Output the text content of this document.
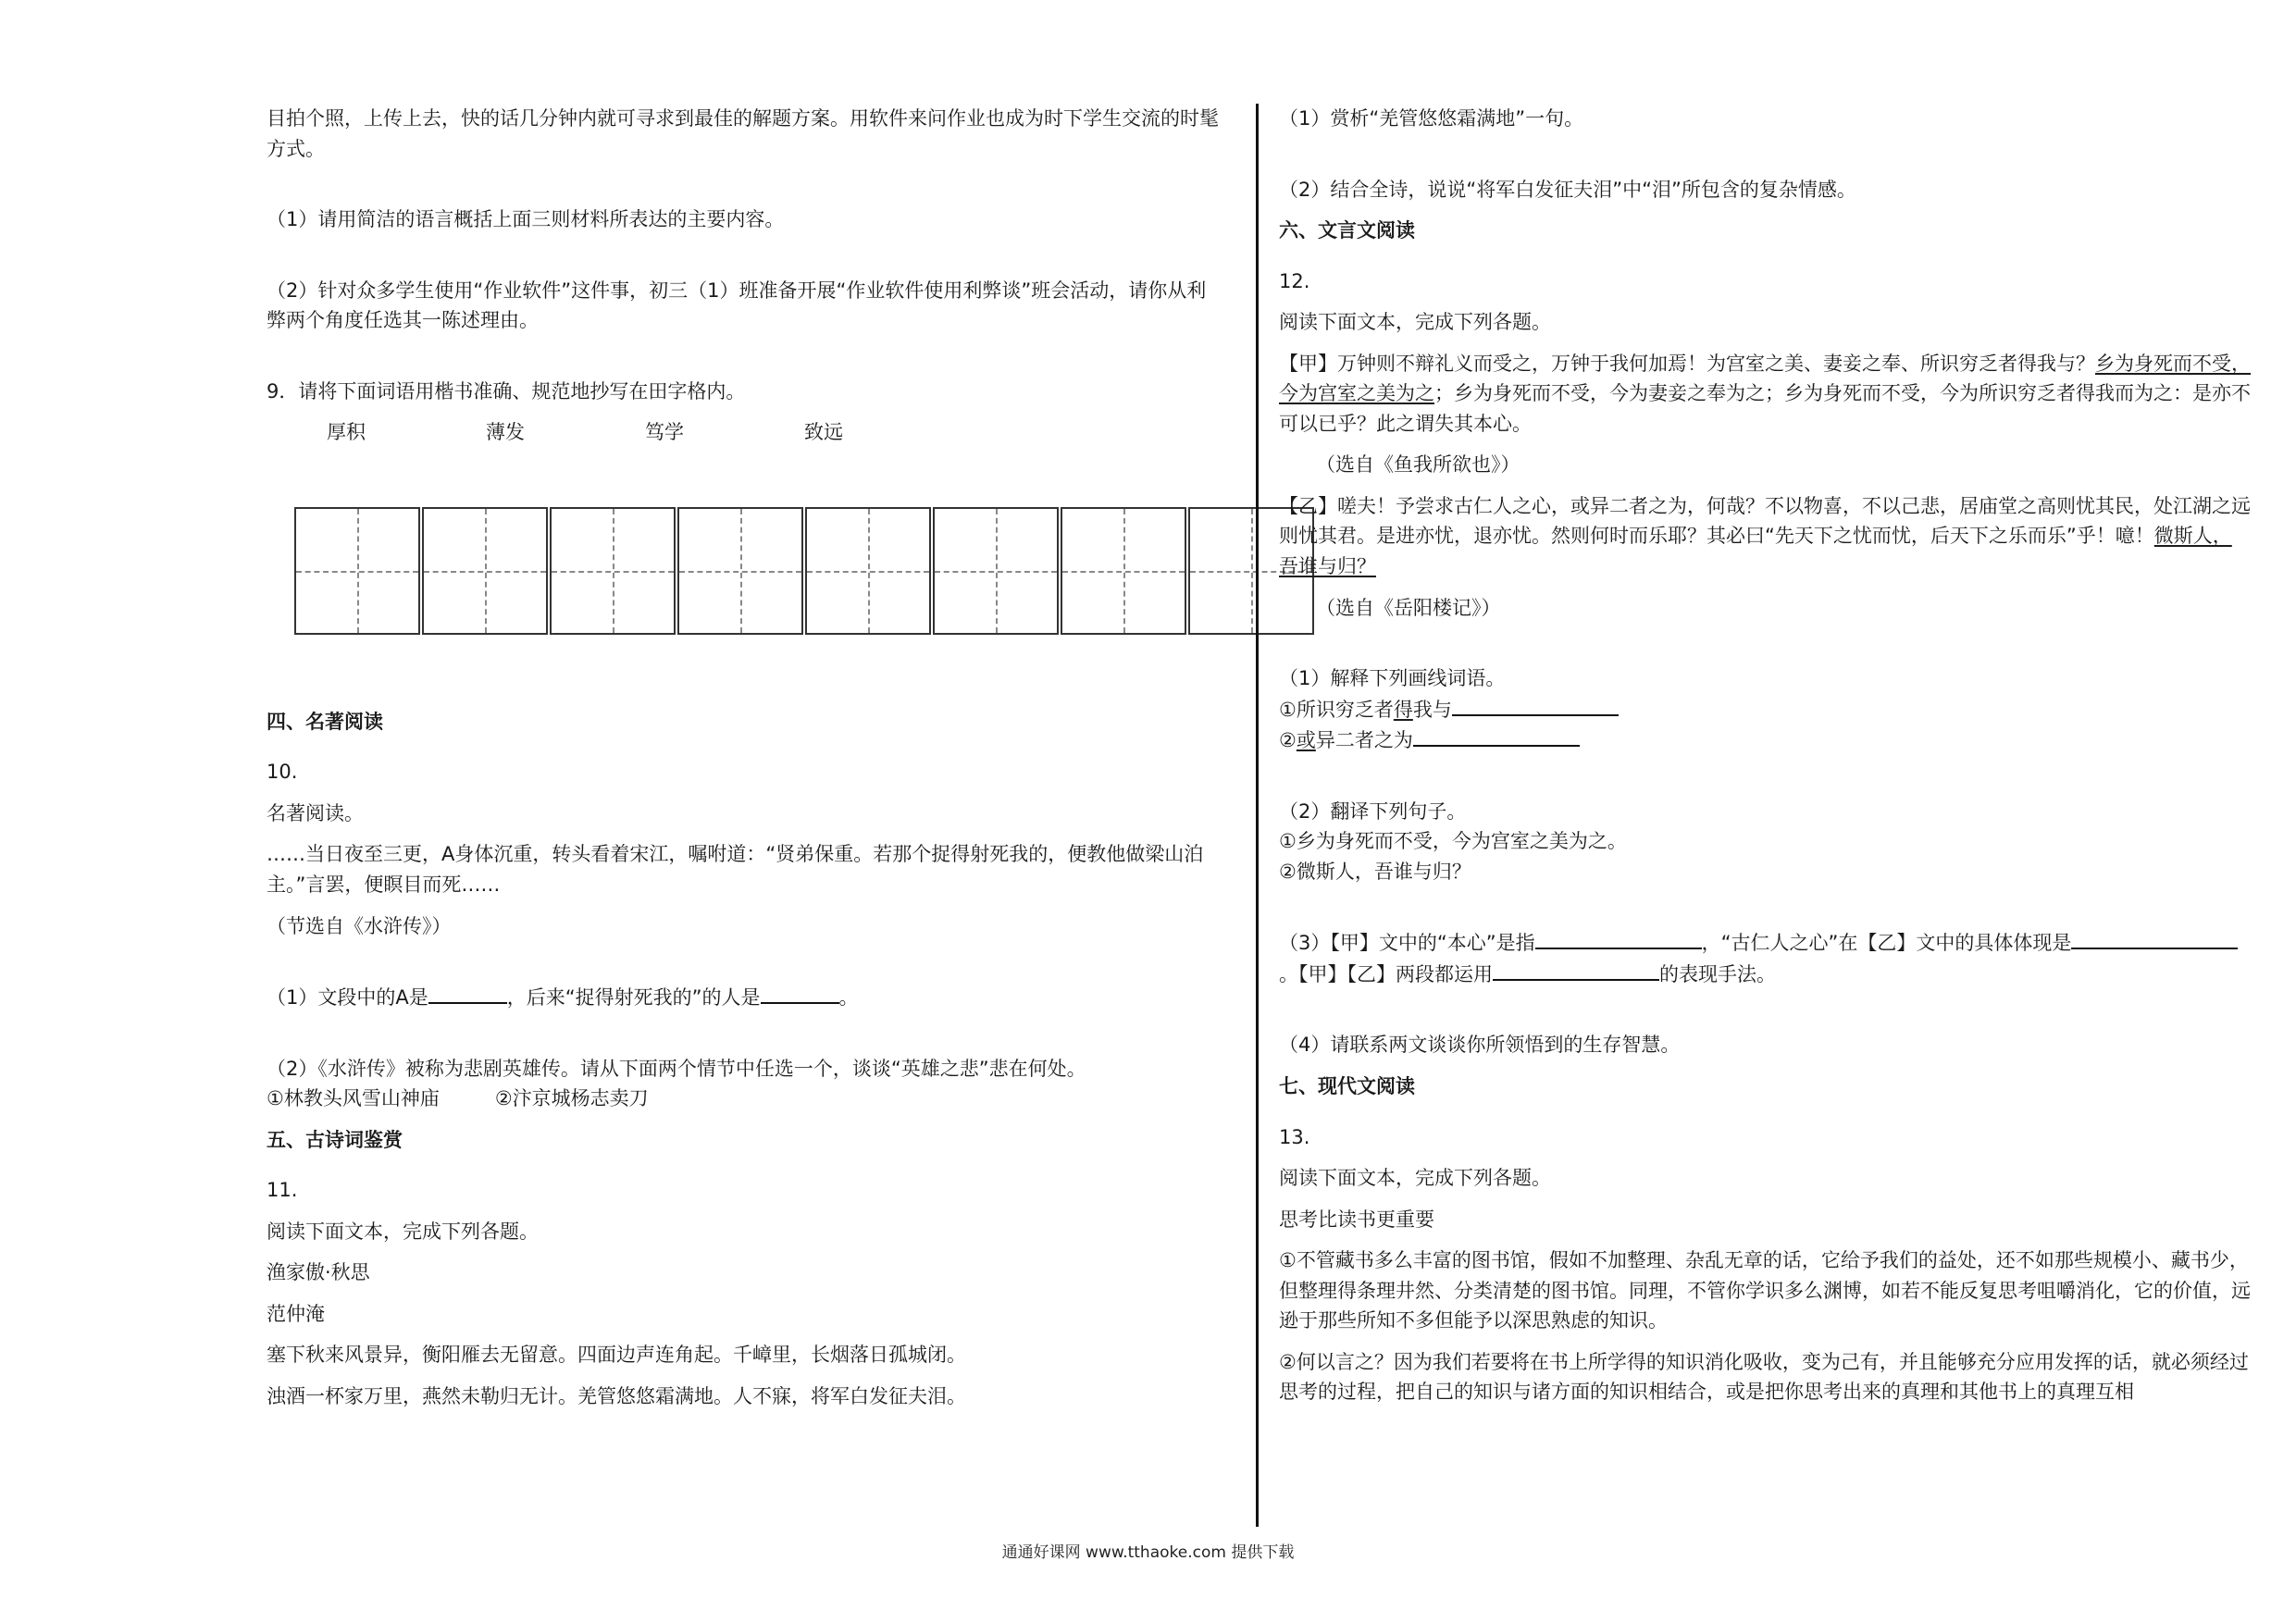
目拍个照，上传上去，快的话几分钟内就可寻求到最佳的解题方案。用软件来问作业也成为时下学生交流的时髦方式。

（1）请用简洁的语言概括上面三则材料所表达的主要内容。

（2）针对众多学生使用“作业软件”这件事，初三（1）班准备开展“作业软件使用利弊谈”班会活动，请你从利弊两个角度任选其一陈述理由。

9．请将下面词语用楷书准确、规范地抄写在田字格内。

厚积	薄发	笃学	致远

四、名著阅读

10.

名著阅读。

……当日夜至三更，A身体沉重，转头看着宋江，嘱咐道：“贤弟保重。若那个捉得射死我的，便教他做梁山泊主。”言罢，便瞑目而死……

（节选自《水浒传》）

（1）文段中的A是	，后来“捉得射死我的”的人是	。

（2）《水浒传》被称为悲剧英雄传。请从下面两个情节中任选一个，谈谈“英雄之悲”悲在何处。

①林教头风雪山神庙	②汴京城杨志卖刀

五、古诗词鉴赏

11.

阅读下面文本，完成下列各题。

渔家傲·秋思

范仲淹

塞下秋来风景异，衡阳雁去无留意。四面边声连角起。千嶂里，长烟落日孤城闭。

浊酒一杯家万里，燕然未勒归无计。羌管悠悠霜满地。人不寐，将军白发征夫泪。

（1）赏析“羌管悠悠霜满地”一句。

（2）结合全诗，说说“将军白发征夫泪”中“泪”所包含的复杂情感。

六、文言文阅读

12.

阅读下面文本，完成下列各题。

【甲】万钟则不辩礼义而受之，万钟于我何加焉！为宫室之美、妻妾之奉、所识穷乏者得我与？乡为身死而不受，今为宫室之美为之；乡为身死而不受，今为妻妾之奉为之；乡为身死而不受，今为所识穷乏者得我而为之：是亦不可以已乎？此之谓失其本心。

（选自《鱼我所欲也》）

【乙】嗟夫！予尝求古仁人之心，或异二者之为，何哉？不以物喜，不以己悲，居庙堂之高则忧其民，处江湖之远则忧其君。是进亦忧，退亦忧。然则何时而乐耶？其必曰“先天下之忧而忧，后天下之乐而乐”乎！噫！微斯人，吾谁与归？

（选自《岳阳楼记》）

（1）解释下列画线词语。

①所识穷乏者得我与

②或异二者之为

（2）翻译下列句子。

①乡为身死而不受，今为宫室之美为之。

②微斯人，吾谁与归？

（3）【甲】文中的“本心”是指	，“古仁人之心”在【乙】文中的具体体现是。【甲】【乙】两段都运用	的表现手法。

（4）请联系两文谈谈你所领悟到的生存智慧。

七、现代文阅读

13.

阅读下面文本，完成下列各题。

思考比读书更重要

①不管藏书多么丰富的图书馆，假如不加整理、杂乱无章的话，它给予我们的益处，还不如那些规模小、藏书少，但整理得条理井然、分类清楚的图书馆。同理，不管你学识多么渊博，如若不能反复思考咀嚼消化，它的价值，远逊于那些所知不多但能予以深思熟虑的知识。

②何以言之？因为我们若要将在书上所学得的知识消化吸收，变为己有，并且能够充分应用发挥的话，就必须经过思考的过程，把自己的知识与诸方面的知识相结合，或是把你思考出来的真理和其他书上的真理互相

通通好课网 www.tthaoke.com 提供下载
